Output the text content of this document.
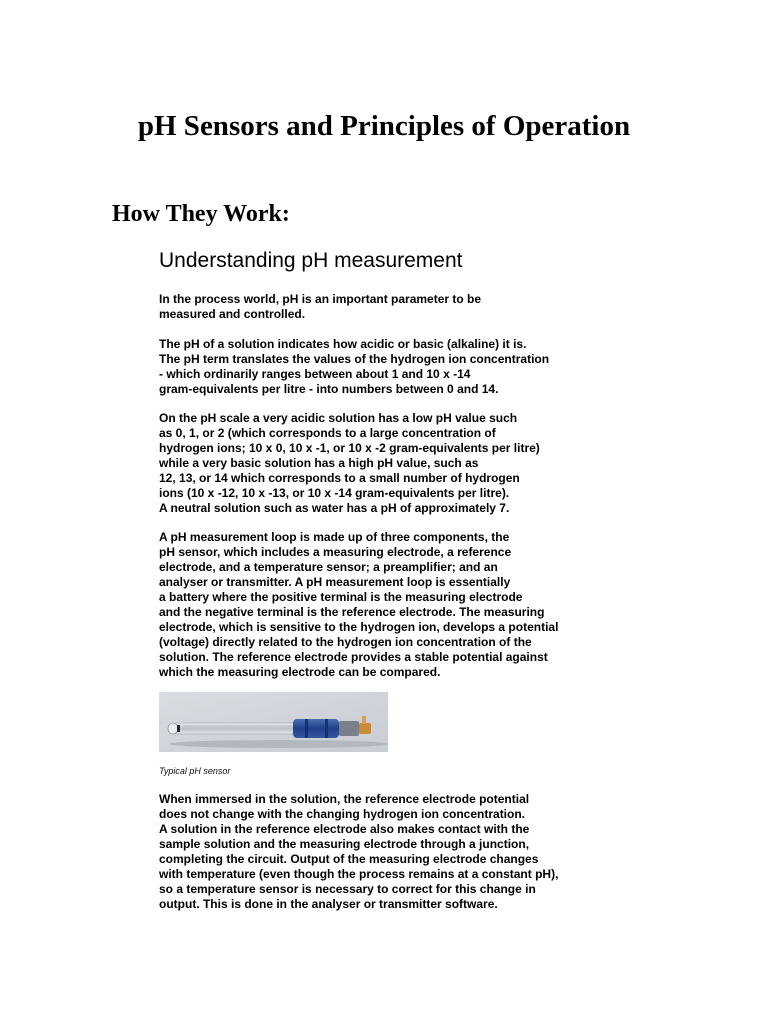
pH Sensors and Principles of Operation
How They Work:
Understanding pH measurement

In the process world, pH is an important parameter to be
measured and controlled.

The pH of a solution indicates how acidic or basic (alkaline) it is.
The pH term translates the values of the hydrogen ion concentration
- which ordinarily ranges between about 1 and 10 x -14
gram-equivalents per litre - into numbers between 0 and 14.

On the pH scale a very acidic solution has a low pH value such
as 0, 1, or 2 (which corresponds to a large concentration of
hydrogen ions; 10 x 0, 10 x -1, or 10 x -2 gram-equivalents per litre)
while a very basic solution has a high pH value, such as
12, 13, or 14 which corresponds to a small number of hydrogen
ions (10 x -12, 10 x -13, or 10 x -14 gram-equivalents per litre).
A neutral solution such as water has a pH of approximately 7.

A pH measurement loop is made up of three components, the
pH sensor, which includes a measuring electrode, a reference
electrode, and a temperature sensor; a preamplifier; and an
analyser or transmitter. A pH measurement loop is essentially
a battery where the positive terminal is the measuring electrode
and the negative terminal is the reference electrode. The measuring
electrode, which is sensitive to the hydrogen ion, develops a potential
(voltage) directly related to the hydrogen ion concentration of the
solution. The reference electrode provides a stable potential against
which the measuring electrode can be compared.

Typical pH sensor

When immersed in the solution, the reference electrode potential
does not change with the changing hydrogen ion concentration.
A solution in the reference electrode also makes contact with the
sample solution and the measuring electrode through a junction,
completing the circuit. Output of the measuring electrode changes
with temperature (even though the process remains at a constant pH),
so a temperature sensor is necessary to correct for this change in
output. This is done in the analyser or transmitter software.
